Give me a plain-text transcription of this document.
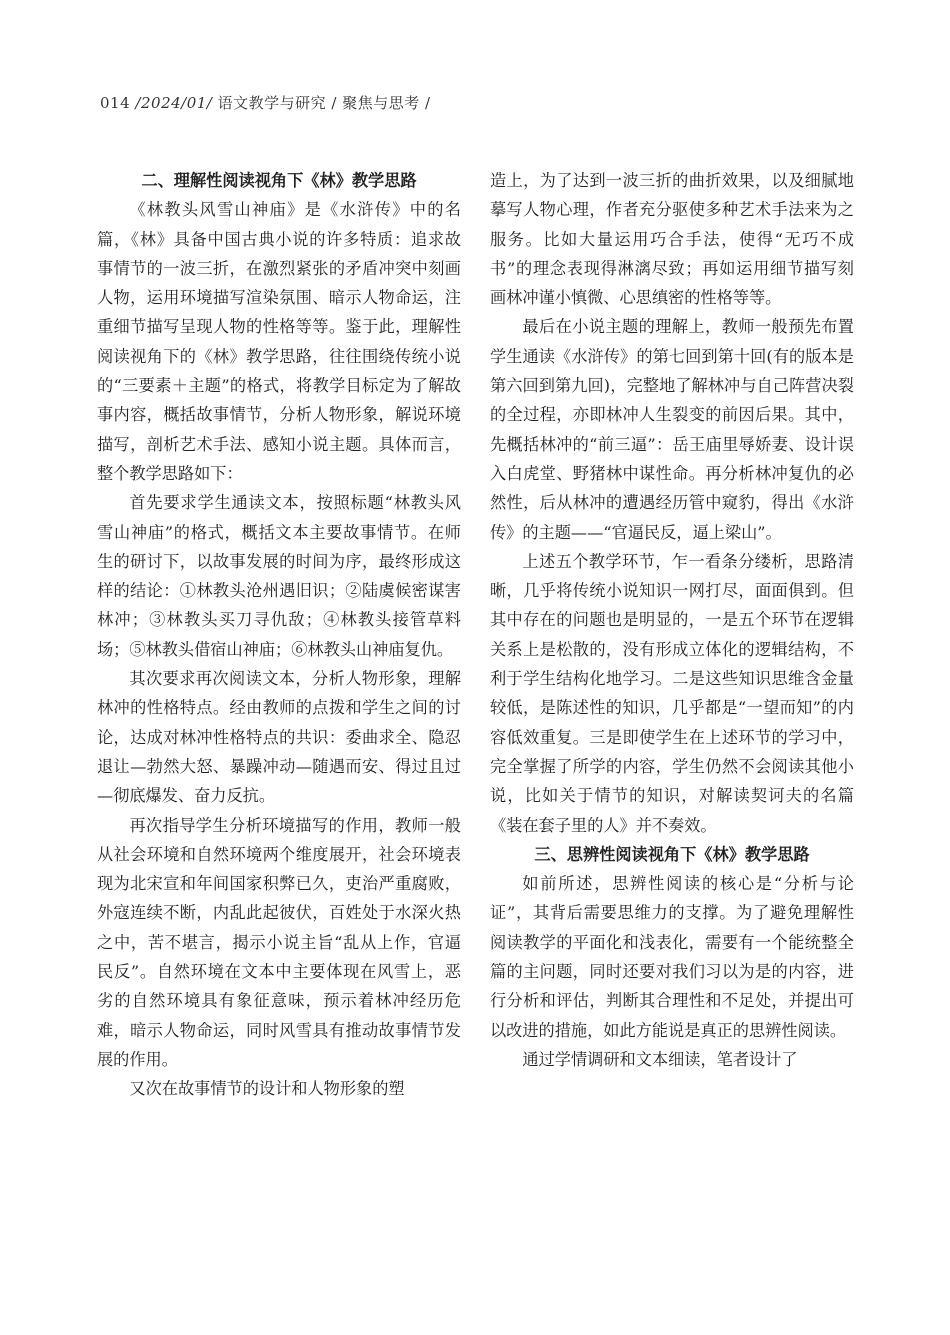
014 /2024/01/ 语文教学与研究 / 聚焦与思考 /
二、理解性阅读视角下《林》教学思路

《林教头风雪山神庙》是《水浒传》中的名篇，《林》具备中国古典小说的许多特质：追求故事情节的一波三折，在激烈紧张的矛盾冲突中刻画人物，运用环境描写渲染氛围、暗示人物命运，注重细节描写呈现人物的性格等等。鉴于此，理解性阅读视角下的《林》教学思路，往往围绕传统小说的“三要素＋主题”的格式，将教学目标定为了解故事内容，概括故事情节，分析人物形象，解说环境描写，剖析艺术手法、感知小说主题。具体而言，整个教学思路如下：

首先要求学生通读文本，按照标题“林教头风雪山神庙”的格式，概括文本主要故事情节。在师生的研讨下，以故事发展的时间为序，最终形成这样的结论：①林教头沧州遇旧识；②陆虞候密谋害林冲；③林教头买刀寻仇敌；④林教头接管草料场；⑤林教头借宿山神庙；⑥林教头山神庙复仇。

其次要求再次阅读文本，分析人物形象，理解林冲的性格特点。经由教师的点拨和学生之间的讨论，达成对林冲性格特点的共识：委曲求全、隐忍退让—勃然大怒、暴躁冲动—随遇而安、得过且过—彻底爆发、奋力反抗。

再次指导学生分析环境描写的作用，教师一般从社会环境和自然环境两个维度展开，社会环境表现为北宋宣和年间国家积弊已久，吏治严重腐败，外寇连续不断，内乱此起彼伏，百姓处于水深火热之中，苦不堪言，揭示小说主旨“乱从上作，官逼民反”。自然环境在文本中主要体现在风雪上，恶劣的自然环境具有象征意味，预示着林冲经历危难，暗示人物命运，同时风雪具有推动故事情节发展的作用。

又次在故事情节的设计和人物形象的塑

造上，为了达到一波三折的曲折效果，以及细腻地摹写人物心理，作者充分驱使多种艺术手法来为之服务。比如大量运用巧合手法，使得“无巧不成书”的理念表现得淋漓尽致；再如运用细节描写刻画林冲谨小慎微、心思缜密的性格等等。

最后在小说主题的理解上，教师一般预先布置学生通读《水浒传》的第七回到第十回(有的版本是第六回到第九回)，完整地了解林冲与自己阵营决裂的全过程，亦即林冲人生裂变的前因后果。其中，先概括林冲的“前三逼”：岳王庙里辱娇妻、设计误入白虎堂、野猪林中谋性命。再分析林冲复仇的必然性，后从林冲的遭遇经历管中窥豹，得出《水浒传》的主题——“官逼民反，逼上梁山”。

上述五个教学环节，乍一看条分缕析，思路清晰，几乎将传统小说知识一网打尽，面面俱到。但其中存在的问题也是明显的，一是五个环节在逻辑关系上是松散的，没有形成立体化的逻辑结构，不利于学生结构化地学习。二是这些知识思维含金量较低，是陈述性的知识，几乎都是“一望而知”的内容低效重复。三是即使学生在上述环节的学习中，完全掌握了所学的内容，学生仍然不会阅读其他小说，比如关于情节的知识，对解读契诃夫的名篇《装在套子里的人》并不奏效。

三、思辨性阅读视角下《林》教学思路

如前所述，思辨性阅读的核心是“分析与论证”，其背后需要思维力的支撑。为了避免理解性阅读教学的平面化和浅表化，需要有一个能统整全篇的主问题，同时还要对我们习以为是的内容，进行分析和评估，判断其合理性和不足处，并提出可以改进的措施，如此方能说是真正的思辨性阅读。

通过学情调研和文本细读，笔者设计了
